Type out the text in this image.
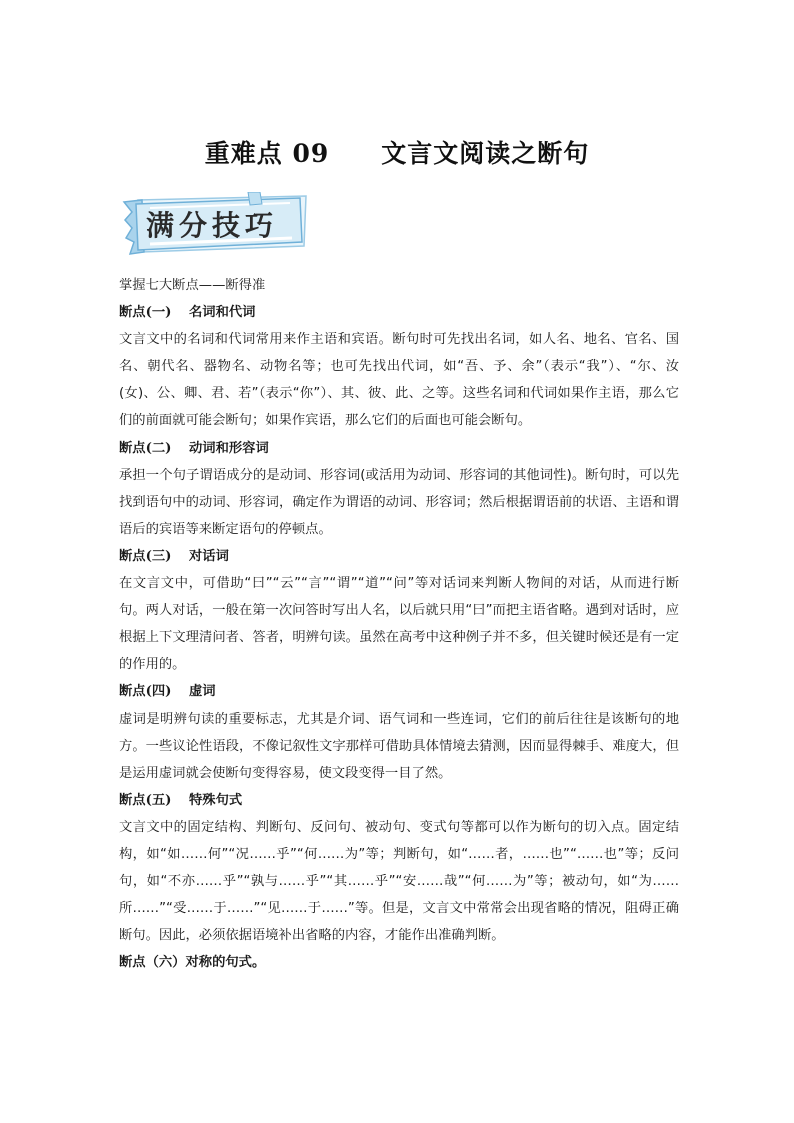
重难点 09 文言文阅读之断句
满分技巧

掌握七大断点——断得准

断点(一) 名词和代词

文言文中的名词和代词常用来作主语和宾语。断句时可先找出名词，如人名、地名、官名、国名、朝代名、器物名、动物名等；也可先找出代词，如“吾、予、余”（表示“我”）、“尔、汝(女)、公、卿、君、若”（表示“你”）、其、彼、此、之等。这些名词和代词如果作主语，那么它们的前面就可能会断句；如果作宾语，那么它们的后面也可能会断句。

断点(二) 动词和形容词

承担一个句子谓语成分的是动词、形容词(或活用为动词、形容词的其他词性)。断句时，可以先找到语句中的动词、形容词，确定作为谓语的动词、形容词；然后根据谓语前的状语、主语和谓语后的宾语等来断定语句的停顿点。

断点(三) 对话词

在文言文中，可借助“曰”“云”“言”“谓”“道”“问”等对话词来判断人物间的对话，从而进行断句。两人对话，一般在第一次问答时写出人名，以后就只用“曰”而把主语省略。遇到对话时，应根据上下文理清问者、答者，明辨句读。虽然在高考中这种例子并不多，但关键时候还是有一定的作用的。

断点(四) 虚词

虚词是明辨句读的重要标志，尤其是介词、语气词和一些连词，它们的前后往往是该断句的地方。一些议论性语段，不像记叙性文字那样可借助具体情境去猜测，因而显得棘手、难度大，但是运用虚词就会使断句变得容易，使文段变得一目了然。

断点(五) 特殊句式

文言文中的固定结构、判断句、反问句、被动句、变式句等都可以作为断句的切入点。固定结构，如“如……何”“况……乎”“何……为”等；判断句，如“……者，……也”“……也”等；反问句，如“不亦……乎”“孰与……乎”“其……乎”“安……哉”“何……为”等；被动句，如“为……所……”“受……于……”“见……于……”等。但是，文言文中常常会出现省略的情况，阻碍正确断句。因此，必须依据语境补出省略的内容，才能作出准确判断。

断点（六）对称的句式。
